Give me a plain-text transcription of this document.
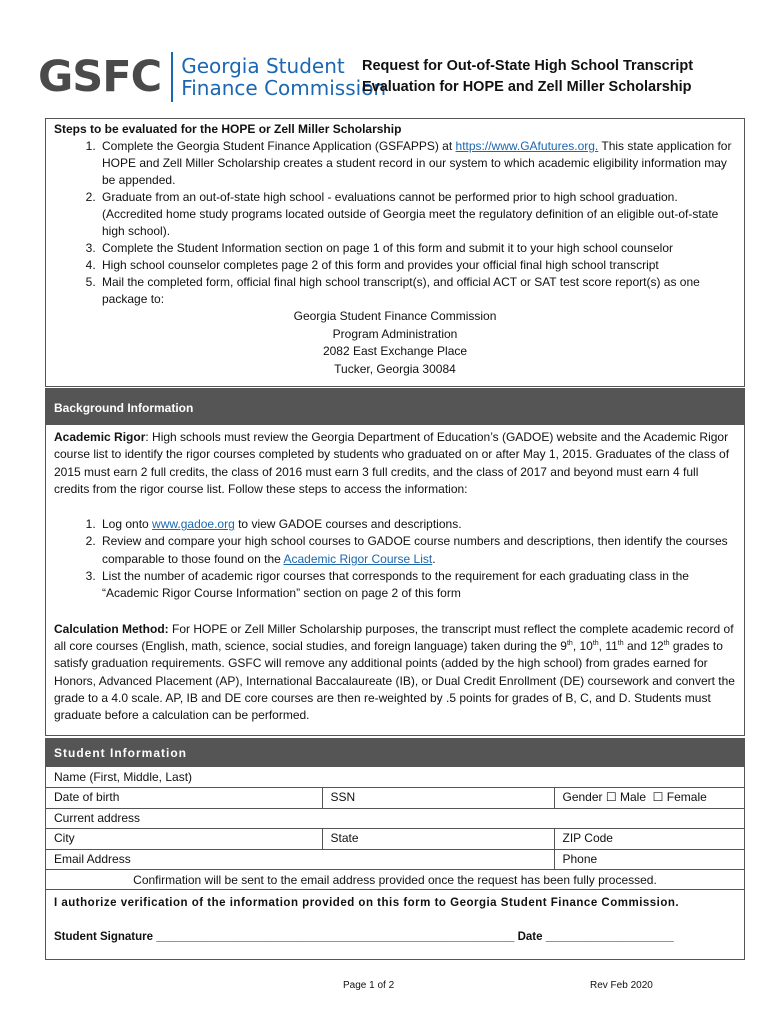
GSFC Georgia Student
Finance Commission
Request for Out-of-State High School Transcript
Evaluation for HOPE and Zell Miller Scholarship

Steps to be evaluated for the HOPE or Zell Miller Scholarship

1. Complete the Georgia Student Finance Application (GSFAPPS) at https://www.GAfutures.org. This state application for HOPE and Zell Miller Scholarship creates a student record in our system to which academic eligibility information may be appended.
2. Graduate from an out-of-state high school - evaluations cannot be performed prior to high school graduation. (Accredited home study programs located outside of Georgia meet the regulatory definition of an eligible out-of-state high school).
3. Complete the Student Information section on page 1 of this form and submit it to your high school counselor
4. High school counselor completes page 2 of this form and provides your official final high school transcript
5. Mail the completed form, official final high school transcript(s), and official ACT or SAT test score report(s) as one package to:
Georgia Student Finance Commission
Program Administration
2082 East Exchange Place
Tucker, Georgia 30084
Background Information

Academic Rigor: High schools must review the Georgia Department of Education’s (GADOE) website and the Academic Rigor course list to identify the rigor courses completed by students who graduated on or after May 1, 2015. Graduates of the class of 2015 must earn 2 full credits, the class of 2016 must earn 3 full credits, and the class of 2017 and beyond must earn 4 full credits from the rigor course list. Follow these steps to access the information:

1. Log onto www.gadoe.org to view GADOE courses and descriptions.
2. Review and compare your high school courses to GADOE course numbers and descriptions, then identify the courses comparable to those found on the Academic Rigor Course List.
3. List the number of academic rigor courses that corresponds to the requirement for each graduating class in the “Academic Rigor Course Information” section on page 2 of this form

Calculation Method: For HOPE or Zell Miller Scholarship purposes, the transcript must reflect the complete academic record of all core courses (English, math, science, social studies, and foreign language) taken during the 9th, 10th, 11th and 12th grades to satisfy graduation requirements. GSFC will remove any additional points (added by the high school) from grades earned for Honors, Advanced Placement (AP), International Baccalaureate (IB), or Dual Credit Enrollment (DE) coursework and convert the grade to a 4.0 scale. AP, IB and DE core courses are then re-weighted by .5 points for grades of B, C, and D. Students must graduate before a calculation can be performed.

Student Information
Name (First, Middle, Last)		
Date of birth	SSN	Gender ☐ Male ☐ Female
Current address		
City	State	ZIP Code
Email Address		Phone
Confirmation will be sent to the email address provided once the request has been fully processed.
I authorize verification of the information provided on this form to Georgia Student Finance Commission.
Student Signature ________________________________________________________ Date ____________________
Page 1 of 2	Rev Feb 2020
